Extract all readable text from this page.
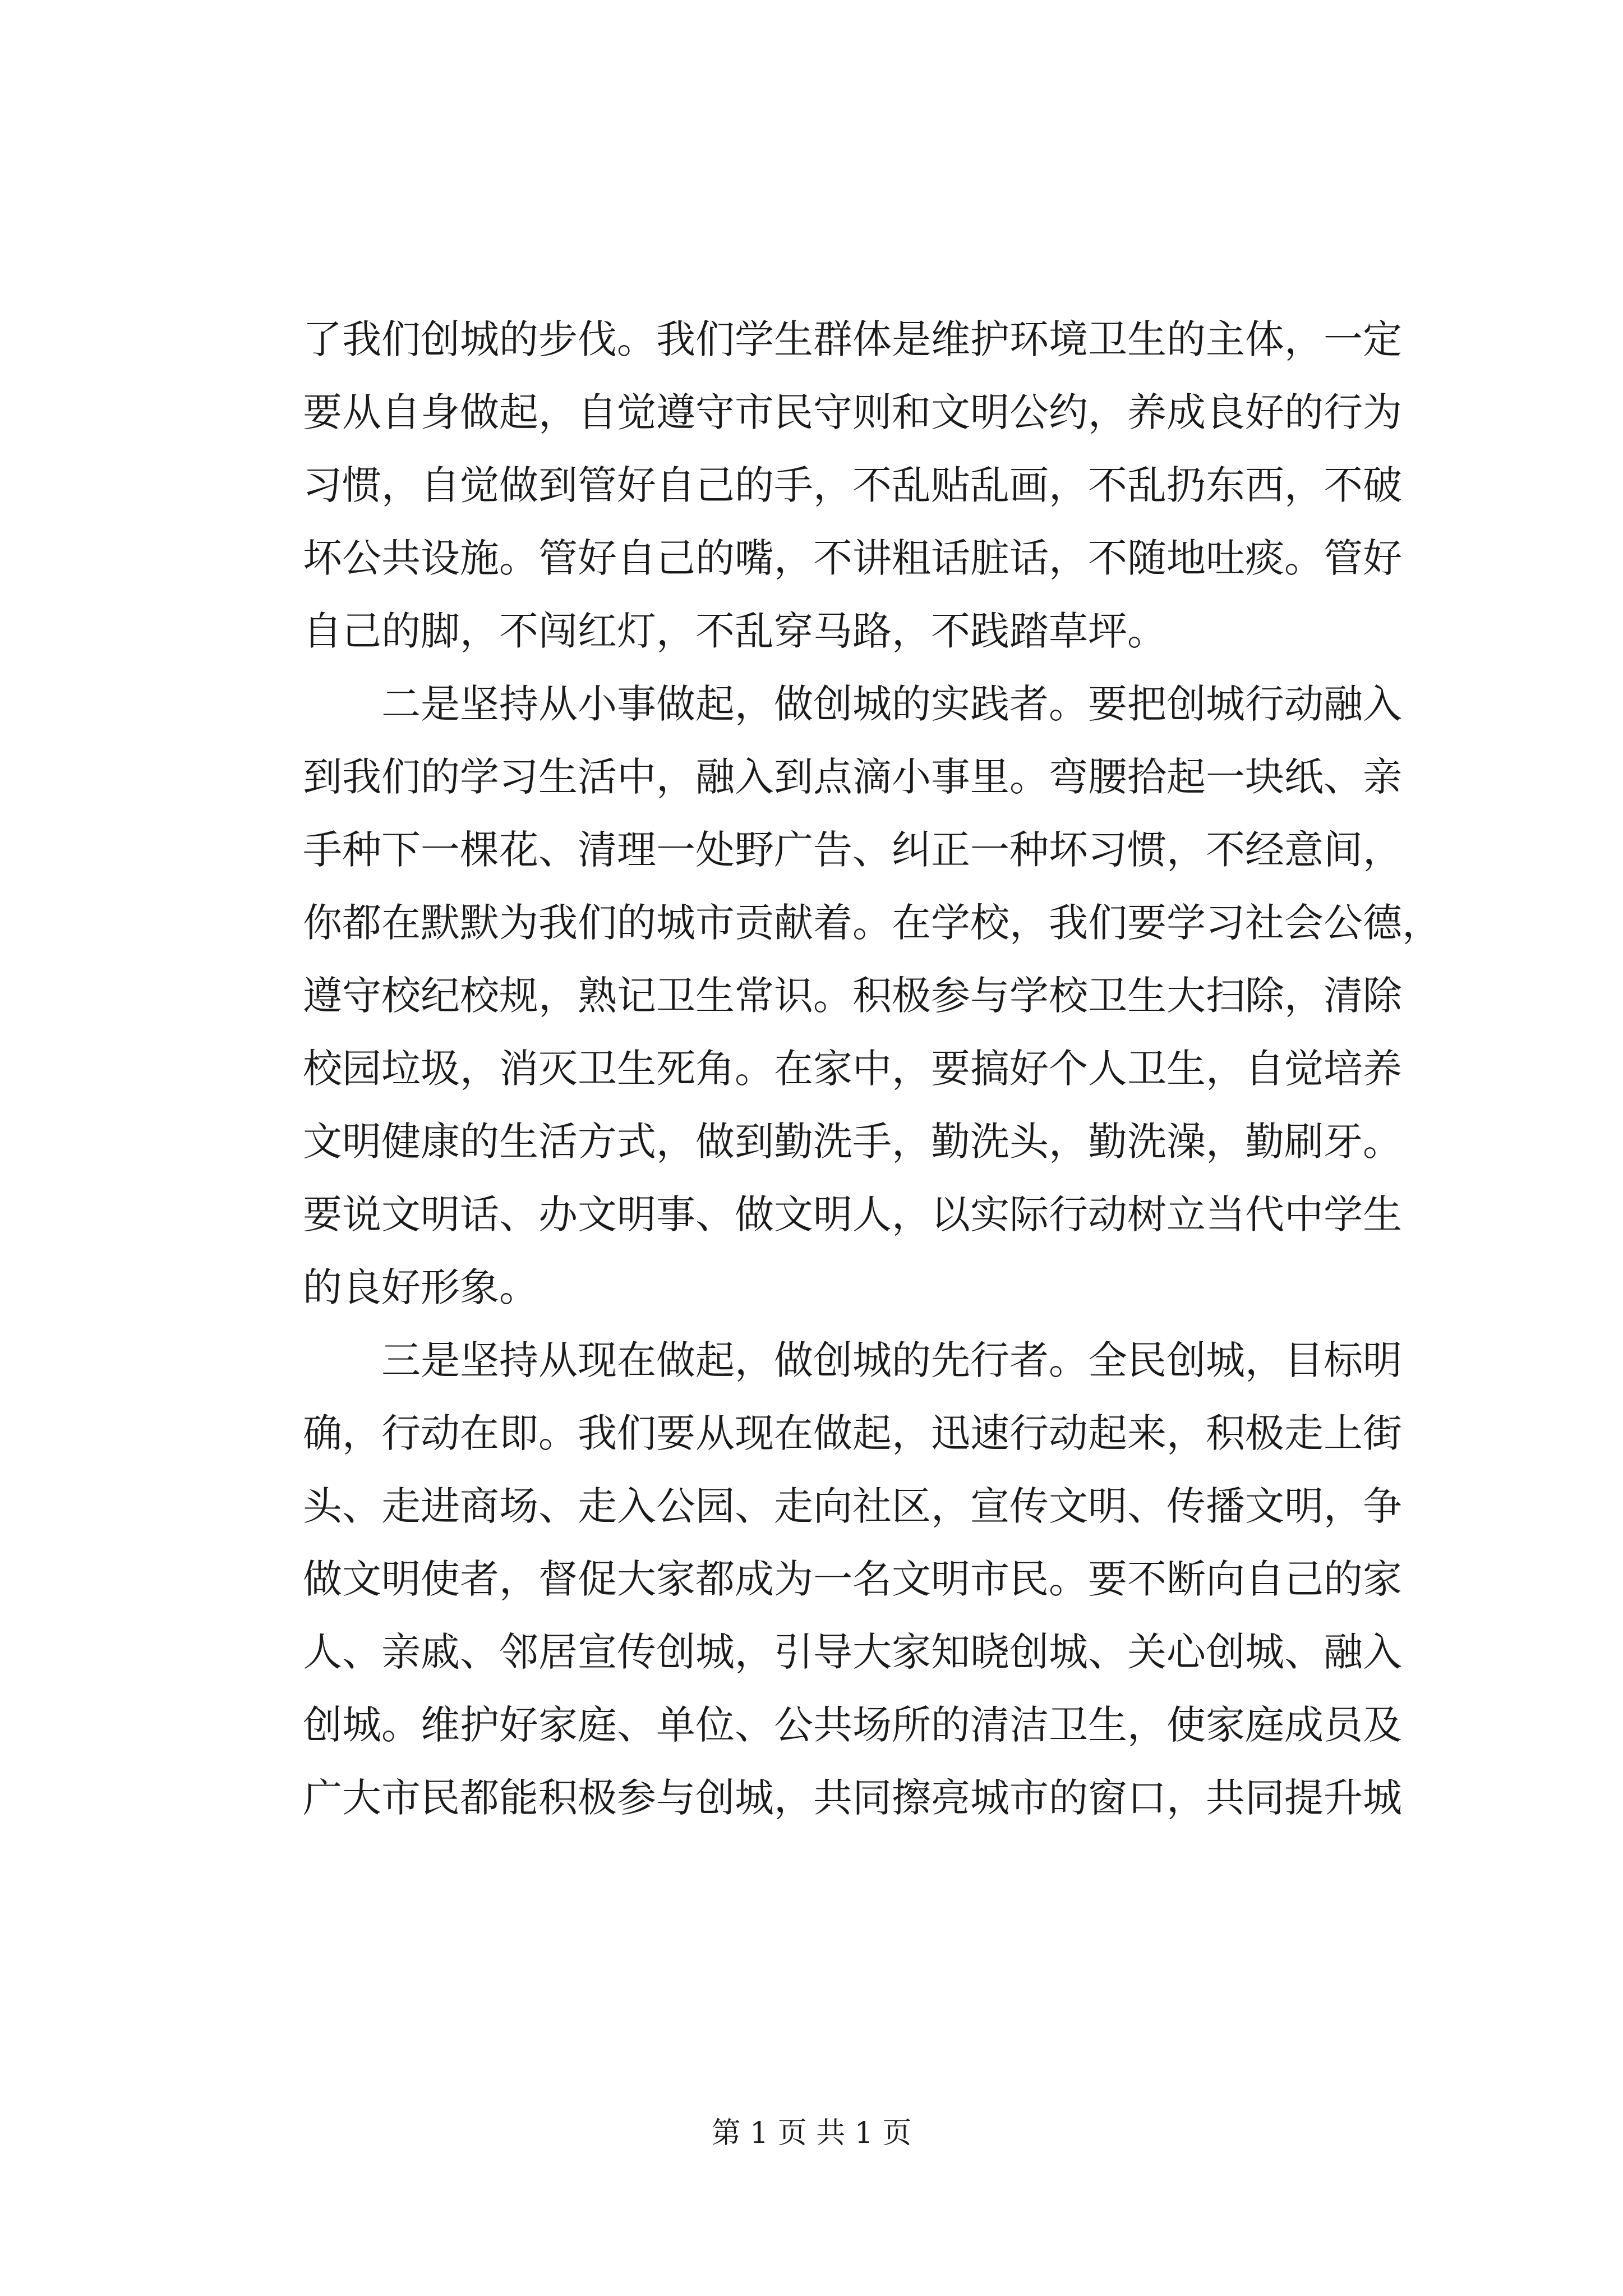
了我们创城的步伐。我们学生群体是维护环境卫生的主体，一定
要从自身做起，自觉遵守市民守则和文明公约，养成良好的行为
习惯，自觉做到管好自己的手，不乱贴乱画，不乱扔东西，不破
坏公共设施。管好自己的嘴，不讲粗话脏话，不随地吐痰。管好
自己的脚，不闯红灯，不乱穿马路，不践踏草坪。
二是坚持从小事做起，做创城的实践者。要把创城行动融入
到我们的学习生活中，融入到点滴小事里。弯腰拾起一块纸、亲
手种下一棵花、清理一处野广告、纠正一种坏习惯，不经意间，
你都在默默为我们的城市贡献着。在学校，我们要学习社会公德，
遵守校纪校规，熟记卫生常识。积极参与学校卫生大扫除，清除
校园垃圾，消灭卫生死角。在家中，要搞好个人卫生，自觉培养
文明健康的生活方式，做到勤洗手，勤洗头，勤洗澡，勤刷牙。
要说文明话、办文明事、做文明人，以实际行动树立当代中学生
的良好形象。
三是坚持从现在做起，做创城的先行者。全民创城，目标明
确，行动在即。我们要从现在做起，迅速行动起来，积极走上街
头、走进商场、走入公园、走向社区，宣传文明、传播文明，争
做文明使者，督促大家都成为一名文明市民。要不断向自己的家
人、亲戚、邻居宣传创城，引导大家知晓创城、关心创城、融入
创城。维护好家庭、单位、公共场所的清洁卫生，使家庭成员及
广大市民都能积极参与创城，共同擦亮城市的窗口，共同提升城
第 1 页 共 1 页
